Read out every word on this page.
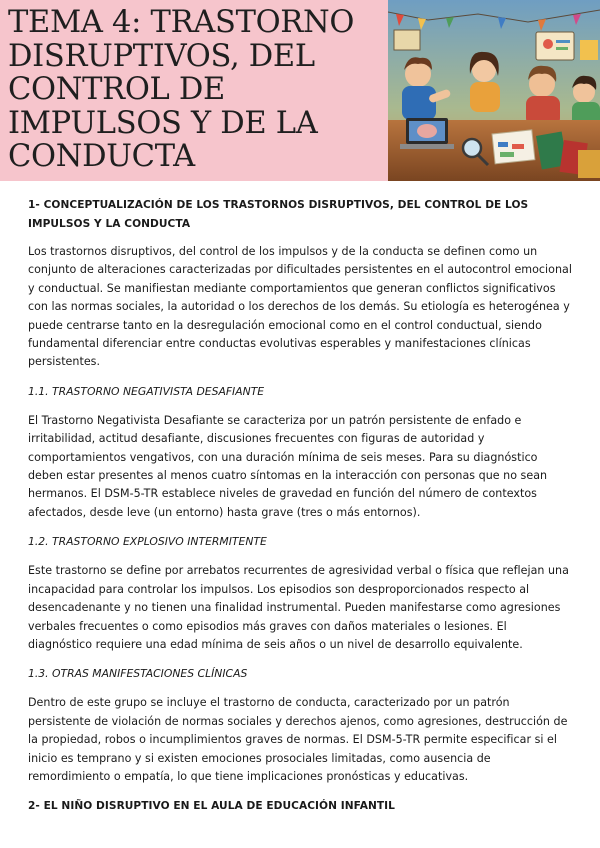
TEMA 4: TRASTORNO
DISRUPTIVOS, DEL
CONTROL DE
IMPULSOS Y DE LA
CONDUCTA

1- CONCEPTUALIZACIÓN DE LOS TRASTORNOS DISRUPTIVOS, DEL CONTROL DE LOS IMPULSOS Y LA CONDUCTA

Los trastornos disruptivos, del control de los impulsos y de la conducta se definen como un conjunto de alteraciones caracterizadas por dificultades persistentes en el autocontrol emocional y conductual. Se manifiestan mediante comportamientos que generan conflictos significativos con las normas sociales, la autoridad o los derechos de los demás. Su etiología es heterogénea y puede centrarse tanto en la desregulación emocional como en el control conductual, siendo fundamental diferenciar entre conductas evolutivas esperables y manifestaciones clínicas persistentes.

1.1. TRASTORNO NEGATIVISTA DESAFIANTE

El Trastorno Negativista Desafiante se caracteriza por un patrón persistente de enfado e irritabilidad, actitud desafiante, discusiones frecuentes con figuras de autoridad y comportamientos vengativos, con una duración mínima de seis meses. Para su diagnóstico deben estar presentes al menos cuatro síntomas en la interacción con personas que no sean hermanos. El DSM-5-TR establece niveles de gravedad en función del número de contextos afectados, desde leve (un entorno) hasta grave (tres o más entornos).

1.2. TRASTORNO EXPLOSIVO INTERMITENTE

Este trastorno se define por arrebatos recurrentes de agresividad verbal o física que reflejan una incapacidad para controlar los impulsos. Los episodios son desproporcionados respecto al desencadenante y no tienen una finalidad instrumental. Pueden manifestarse como agresiones verbales frecuentes o como episodios más graves con daños materiales o lesiones. El diagnóstico requiere una edad mínima de seis años o un nivel de desarrollo equivalente.

1.3. OTRAS MANIFESTACIONES CLÍNICAS

Dentro de este grupo se incluye el trastorno de conducta, caracterizado por un patrón persistente de violación de normas sociales y derechos ajenos, como agresiones, destrucción de la propiedad, robos o incumplimientos graves de normas. El DSM-5-TR permite especificar si el inicio es temprano y si existen emociones prosociales limitadas, como ausencia de remordimiento o empatía, lo que tiene implicaciones pronósticas y educativas.

2- EL NIÑO DISRUPTIVO EN EL AULA DE EDUCACIÓN INFANTIL
